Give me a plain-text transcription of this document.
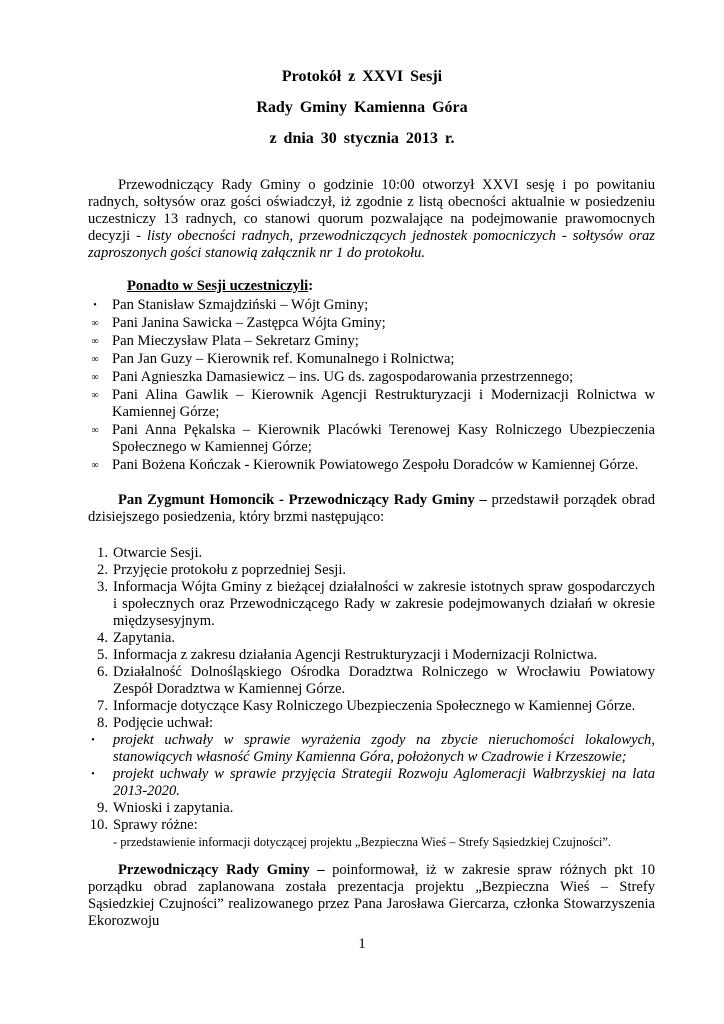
Protokół z XXVI Sesji
Rady Gminy Kamienna Góra
z dnia 30 stycznia 2013 r.
Przewodniczący Rady Gminy o godzinie 10:00 otworzył XXVI sesję i po powitaniu radnych, sołtysów oraz gości oświadczył, iż zgodnie z listą obecności aktualnie w posiedzeniu uczestniczy 13 radnych, co stanowi quorum pozwalające na podejmowanie prawomocnych decyzji - listy obecności radnych, przewodniczących jednostek pomocniczych - sołtysów oraz zaproszonych gości stanowią załącznik nr 1 do protokołu.
Ponadto w Sesji uczestniczyli:
•	Pan Stanisław Szmajdziński – Wójt Gminy;
∞ Pani Janina Sawicka – Zastępca Wójta Gminy;
∞ Pan Mieczysław Plata – Sekretarz Gminy;
∞ Pan Jan Guzy – Kierownik ref. Komunalnego i Rolnictwa;
∞ Pani Agnieszka Damasiewicz – ins. UG ds. zagospodarowania przestrzennego;
∞ Pani Alina Gawlik – Kierownik Agencji Restrukturyzacji i Modernizacji Rolnictwa w Kamiennej Górze;
∞ Pani Anna Pękalska – Kierownik Placówki Terenowej Kasy Rolniczego Ubezpieczenia Społecznego w Kamiennej Górze;
∞ Pani Bożena Kończak - Kierownik Powiatowego Zespołu Doradców w Kamiennej Górze.
Pan Zygmunt Homoncik - Przewodniczący Rady Gminy – przedstawił porządek obrad dzisiejszego posiedzenia, który brzmi następująco:
1. Otwarcie Sesji.
2. Przyjęcie protokołu z poprzedniej Sesji.
3. Informacja Wójta Gminy z bieżącej działalności w zakresie istotnych spraw gospodarczych i społecznych oraz Przewodniczącego Rady w zakresie podejmowanych działań w okresie międzysesyjnym.
4. Zapytania.
5. Informacja z zakresu działania Agencji Restrukturyzacji i Modernizacji Rolnictwa.
6. Działalność Dolnośląskiego Ośrodka Doradztwa Rolniczego w Wrocławiu Powiatowy Zespół Doradztwa w Kamiennej Górze.
7. Informacje dotyczące Kasy Rolniczego Ubezpieczenia Społecznego w Kamiennej Górze.
8. Podjęcie uchwał:
• projekt uchwały w sprawie wyrażenia zgody na zbycie nieruchomości lokalowych, stanowiących własność Gminy Kamienna Góra, położonych w Czadrowie i Krzeszowie;
• projekt uchwały w sprawie przyjęcia Strategii Rozwoju Aglomeracji Wałbrzyskiej na lata 2013-2020.
9. Wnioski i zapytania.
10. Sprawy różne:
- przedstawienie informacji dotyczącej projektu „Bezpieczna Wieś – Strefy Sąsiedzkiej Czujności”.
Przewodniczący Rady Gminy – poinformował, iż w zakresie spraw różnych pkt 10 porządku obrad zaplanowana została prezentacja projektu „Bezpieczna Wieś – Strefy Sąsiedzkiej Czujności” realizowanego przez Pana Jarosława Giercarza, członka Stowarzyszenia Ekorozwoju
1
